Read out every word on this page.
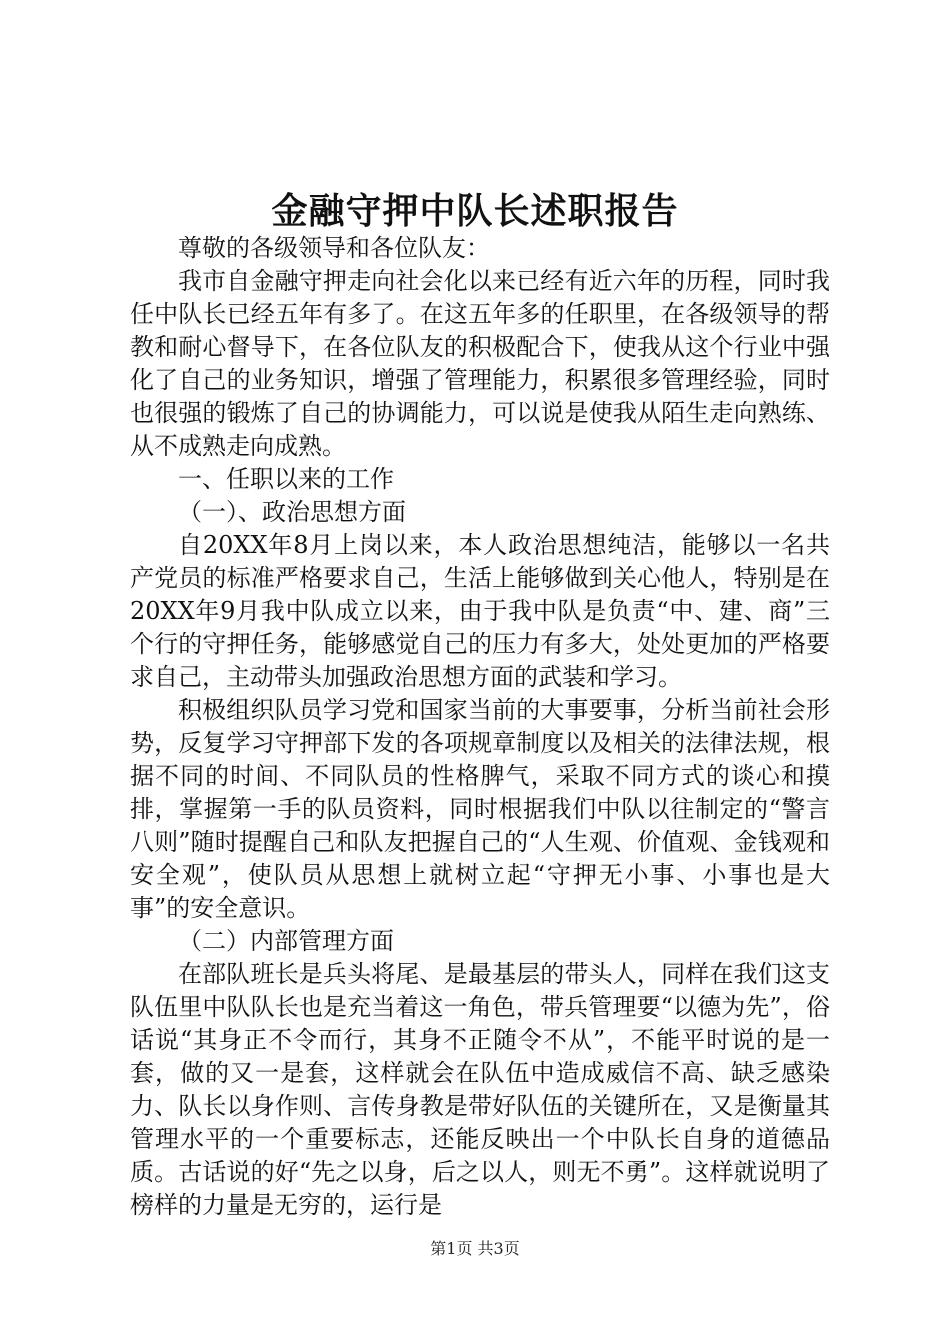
金融守押中队长述职报告

尊敬的各级领导和各位队友：

我市自金融守押走向社会化以来已经有近六年的历程，同时我任中队长已经五年有多了。在这五年多的任职里，在各级领导的帮教和耐心督导下，在各位队友的积极配合下，使我从这个行业中强化了自己的业务知识，增强了管理能力，积累很多管理经验，同时也很强的锻炼了自己的协调能力，可以说是使我从陌生走向熟练、从不成熟走向成熟。

一、任职以来的工作

（一）、政治思想方面

自20XX年8月上岗以来，本人政治思想纯洁，能够以一名共产党员的标准严格要求自己，生活上能够做到关心他人，特别是在20XX年9月我中队成立以来，由于我中队是负责“中、建、商”三个行的守押任务，能够感觉自己的压力有多大，处处更加的严格要求自己，主动带头加强政治思想方面的武装和学习。

积极组织队员学习党和国家当前的大事要事，分析当前社会形势，反复学习守押部下发的各项规章制度以及相关的法律法规，根据不同的时间、不同队员的性格脾气，采取不同方式的谈心和摸排，掌握第一手的队员资料，同时根据我们中队以往制定的“警言八则”随时提醒自己和队友把握自己的“人生观、价值观、金钱观和安全观”，使队员从思想上就树立起“守押无小事、小事也是大事”的安全意识。

（二）内部管理方面

在部队班长是兵头将尾、是最基层的带头人，同样在我们这支队伍里中队队长也是充当着这一角色，带兵管理要“以德为先”，俗话说“其身正不令而行，其身不正随令不从”，不能平时说的是一套，做的又一是套，这样就会在队伍中造成威信不高、缺乏感染力、队长以身作则、言传身教是带好队伍的关键所在，又是衡量其管理水平的一个重要标志，还能反映出一个中队长自身的道德品质。古话说的好“先之以身，后之以人，则无不勇”。这样就说明了榜样的力量是无穷的，运行是

第1页 共3页
